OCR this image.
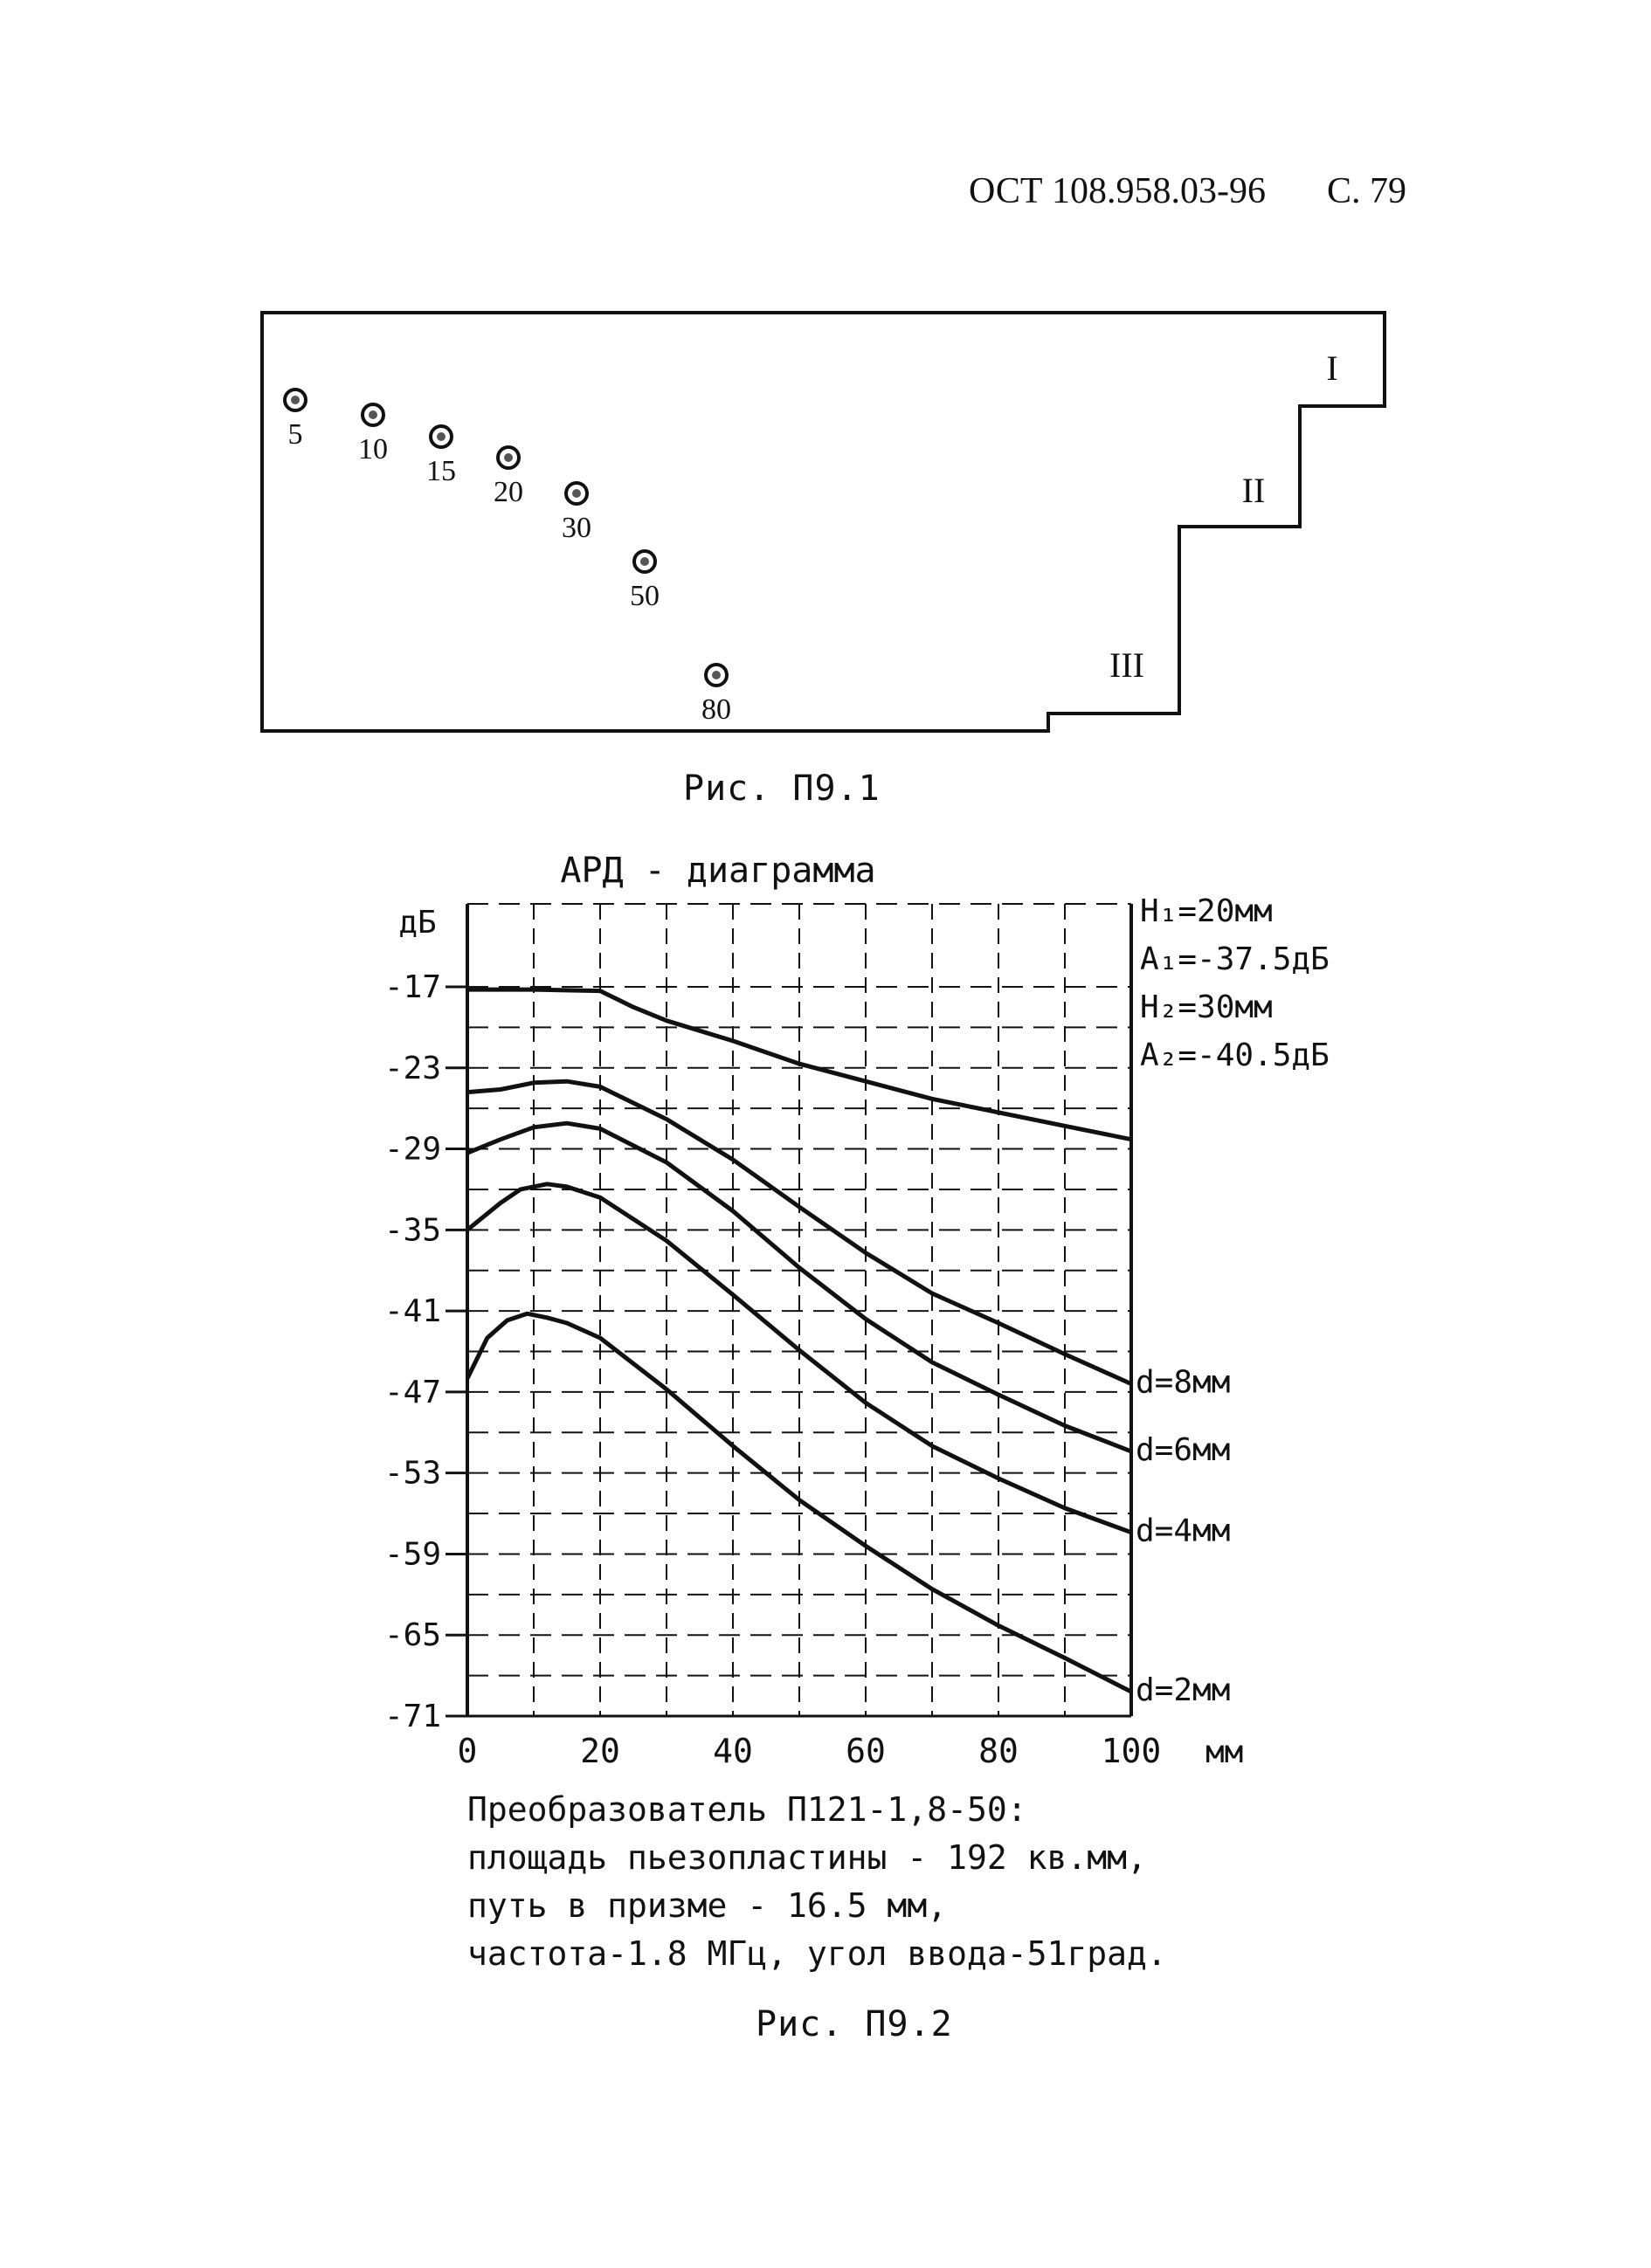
ОСТ 108.958.03-96 С. 79
5 10
15
20
30
50
80
I
II
III
Рис. П9.1
АРД - диаграмма
дБ
-17
-23
-29
-35
-41
-47
-53
-59
-65
-71
0	20	40	60	80 100 мм
d=8мм
d=6мм
d=4мм
d=2мм
H₁=20мм
A₁=-37.5дБ
H₂=30мм
A₂=-40.5дБ
Преобразователь П121-1,8-50:
площадь пьезопластины - 192 кв.мм,
путь в призме - 16.5 мм,
частота-1.8 МГц, угол ввода-51град.
Рис. П9.2
